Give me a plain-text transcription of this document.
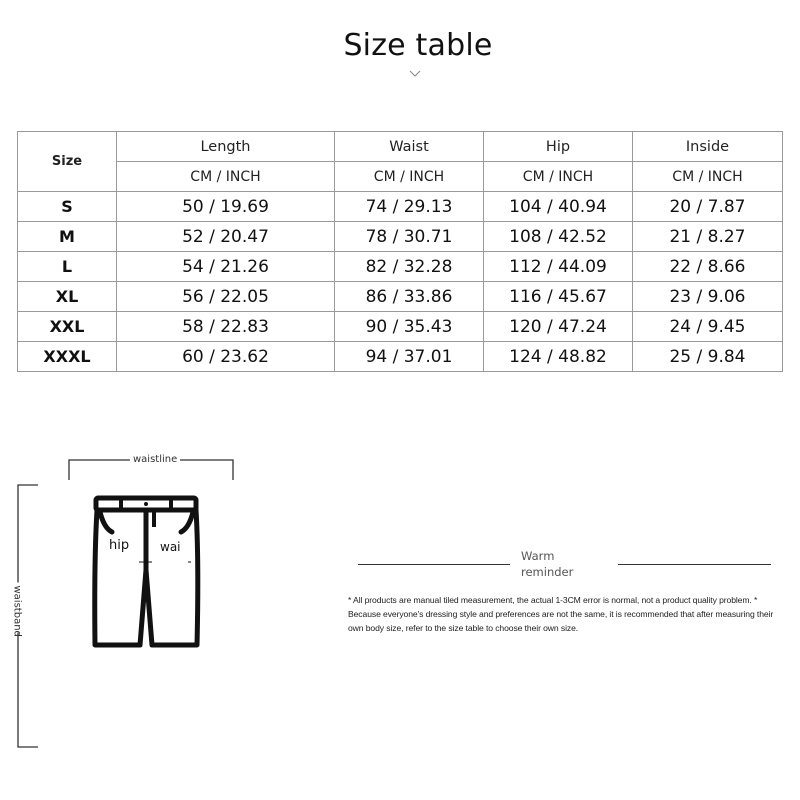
Size table
Size	Length	Waist	Hip	Inside
	CM / INCH	CM / INCH	CM / INCH	CM / INCH
S	50 / 19.69	74 / 29.13	104 / 40.94	20 / 7.87
M	52 / 20.47	78 / 30.71	108 / 42.52	21 / 8.27
L	54 / 21.26	82 / 32.28	112 / 44.09	22 / 8.66
XL	56 / 22.05	86 / 33.86	116 / 45.67	23 / 9.06
XXL	58 / 22.83	90 / 35.43	120 / 47.24	24 / 9.45
XXXL	60 / 23.62	94 / 37.01	124 / 48.82	25 / 9.84
waistline
waistband
hip	wai
Warm
reminder
* All products are manual tiled measurement, the actual 1-3CM error is normal, not a product quality problem. * Because everyone's dressing style and preferences are not the same, it is recommended that after measuring their own body size, refer to the size table to choose their own size.
